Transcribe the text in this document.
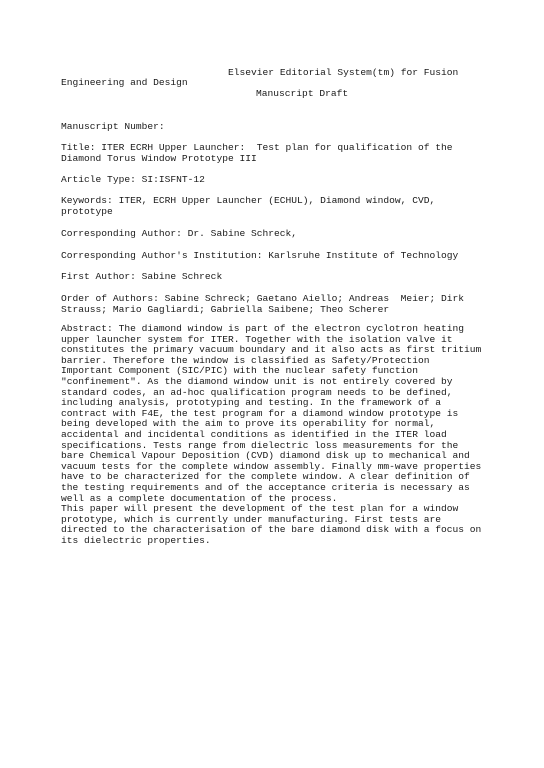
Elsevier Editorial System(tm) for Fusion
Engineering and Design
Manuscript Draft
Manuscript Number:
Title: ITER ECRH Upper Launcher:  Test plan for qualification of the
Diamond Torus Window Prototype III
Article Type: SI:ISFNT-12
Keywords: ITER, ECRH Upper Launcher (ECHUL), Diamond window, CVD,
prototype
Corresponding Author: Dr. Sabine Schreck,
Corresponding Author's Institution: Karlsruhe Institute of Technology
First Author: Sabine Schreck
Order of Authors: Sabine Schreck; Gaetano Aiello; Andreas  Meier; Dirk
Strauss; Mario Gagliardi; Gabriella Saibene; Theo Scherer
Abstract: The diamond window is part of the electron cyclotron heating
upper launcher system for ITER. Together with the isolation valve it
constitutes the primary vacuum boundary and it also acts as first tritium
barrier. Therefore the window is classified as Safety/Protection
Important Component (SIC/PIC) with the nuclear safety function
"confinement". As the diamond window unit is not entirely covered by
standard codes, an ad-hoc qualification program needs to be defined,
including analysis, prototyping and testing. In the framework of a
contract with F4E, the test program for a diamond window prototype is
being developed with the aim to prove its operability for normal,
accidental and incidental conditions as identified in the ITER load
specifications. Tests range from dielectric loss measurements for the
bare Chemical Vapour Deposition (CVD) diamond disk up to mechanical and
vacuum tests for the complete window assembly. Finally mm-wave properties
have to be characterized for the complete window. A clear definition of
the testing requirements and of the acceptance criteria is necessary as
well as a complete documentation of the process.
This paper will present the development of the test plan for a window
prototype, which is currently under manufacturing. First tests are
directed to the characterisation of the bare diamond disk with a focus on
its dielectric properties.
